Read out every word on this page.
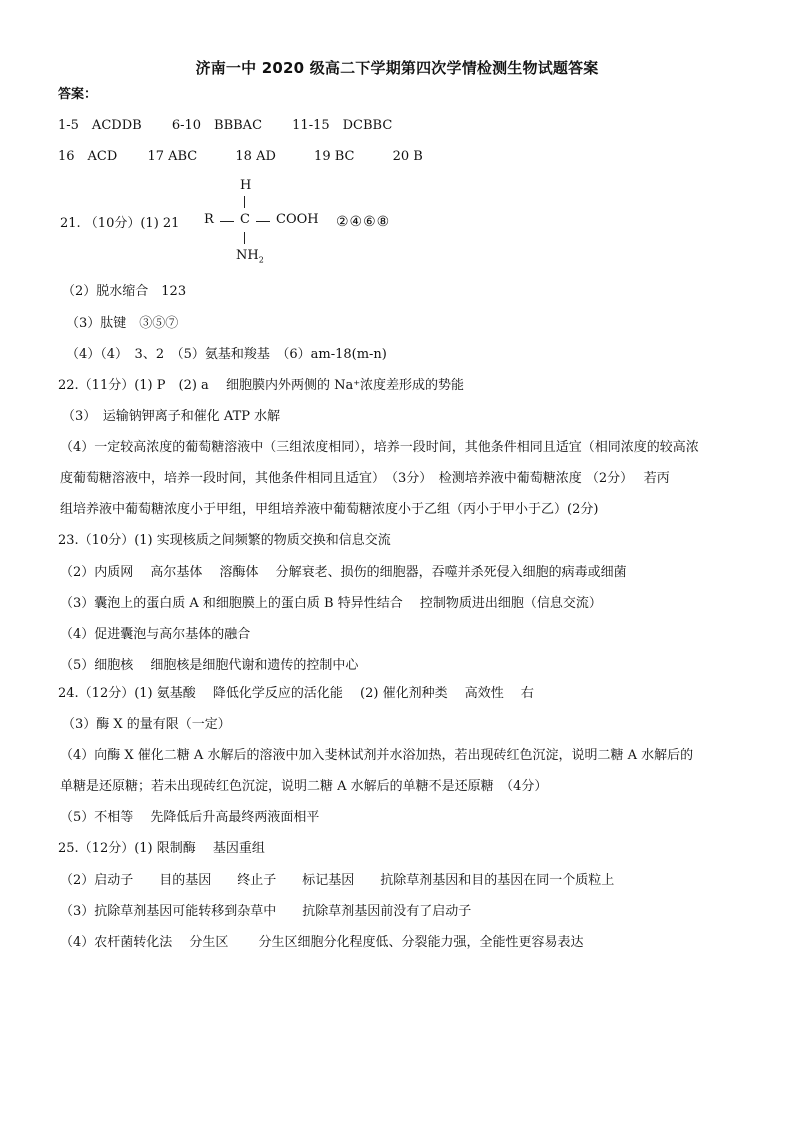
济南一中 2020 级高二下学期第四次学情检测生物试题答案
答案：
1-5　ACDDB 6-10　BBBAC 11-15　DCBBC
16　ACD 17 ABC	18 AD	19 BC	20 B
21. （10分）(1) 21
H
R C COOH
$NH_2$
②④⑥⑧
（2）脱水缩合　123
（3）肽键　③⑤⑦
（4）（4）　3、2　（5）氨基和羧基　（6）am-18(m-n)
22.（11分）(1) P　(2) a　 细胞膜内外两侧的 Na⁺浓度差形成的势能
（3）　运输钠钾离子和催化 ATP 水解
（4）一定较高浓度的葡萄糖溶液中（三组浓度相同），培养一段时间，其他条件相同且适宜（相同浓度的较高浓
度葡萄糖溶液中，培养一段时间，其他条件相同且适宜）　（3分）　检测培养液中葡萄糖浓度 （2分）　 若丙
组培养液中葡萄糖浓度小于甲组，甲组培养液中葡萄糖浓度小于乙组（丙小于甲小于乙）(2分)
23.（10分）(1) 实现核质之间频繁的物质交换和信息交流
（2）内质网　 高尔基体　 溶酶体　 分解衰老、损伤的细胞器，吞噬并杀死侵入细胞的病毒或细菌
（3）囊泡上的蛋白质 A 和细胞膜上的蛋白质 B 特异性结合　 控制物质进出细胞（信息交流）
（4）促进囊泡与高尔基体的融合
（5）细胞核　 细胞核是细胞代谢和遗传的控制中心
24.（12分）(1) 氨基酸　 降低化学反应的活化能　 (2) 催化剂种类　 高效性　 右
（3）酶 X 的量有限（一定）
（4）向酶 X 催化二糖 A 水解后的溶液中加入斐林试剂并水浴加热，若出现砖红色沉淀，说明二糖 A 水解后的
单糖是还原糖；若未出现砖红色沉淀，说明二糖 A 水解后的单糖不是还原糖　（4分）
（5）不相等　 先降低后升高最终两液面相平
25.（12分）(1) 限制酶　 基因重组
（2）启动子　　目的基因　　终止子　　标记基因　　抗除草剂基因和目的基因在同一个质粒上
（3）抗除草剂基因可能转移到杂草中　　抗除草剂基因前没有了启动子
（4）农杆菌转化法　 分生区　　 分生区细胞分化程度低、分裂能力强，全能性更容易表达
